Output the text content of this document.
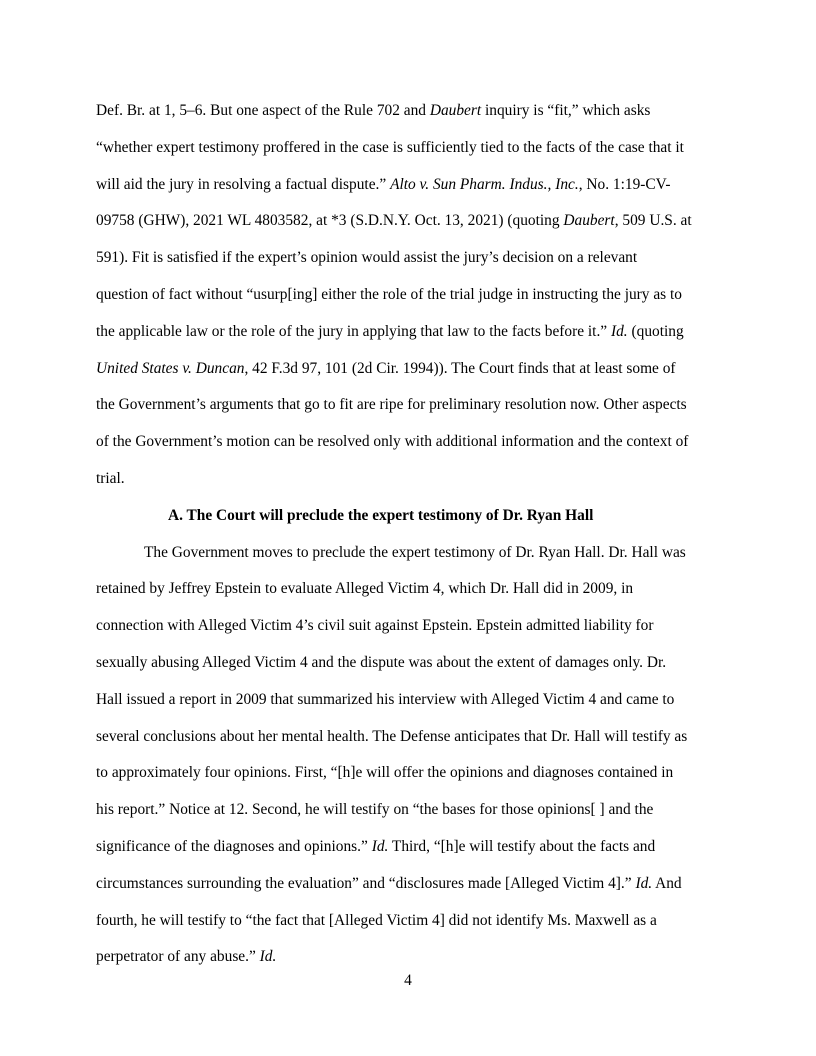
Def. Br. at 1, 5–6. But one aspect of the Rule 702 and Daubert inquiry is “fit,” which asks
“whether expert testimony proffered in the case is sufficiently tied to the facts of the case that it
will aid the jury in resolving a factual dispute.” Alto v. Sun Pharm. Indus., Inc., No. 1:19-CV-
09758 (GHW), 2021 WL 4803582, at *3 (S.D.N.Y. Oct. 13, 2021) (quoting Daubert, 509 U.S. at
591). Fit is satisfied if the expert’s opinion would assist the jury’s decision on a relevant
question of fact without “usurp[ing] either the role of the trial judge in instructing the jury as to
the applicable law or the role of the jury in applying that law to the facts before it.” Id. (quoting
United States v. Duncan, 42 F.3d 97, 101 (2d Cir. 1994)). The Court finds that at least some of
the Government’s arguments that go to fit are ripe for preliminary resolution now. Other aspects
of the Government’s motion can be resolved only with additional information and the context of
trial.
A. The Court will preclude the expert testimony of Dr. Ryan Hall
The Government moves to preclude the expert testimony of Dr. Ryan Hall. Dr. Hall was
retained by Jeffrey Epstein to evaluate Alleged Victim 4, which Dr. Hall did in 2009, in
connection with Alleged Victim 4’s civil suit against Epstein. Epstein admitted liability for
sexually abusing Alleged Victim 4 and the dispute was about the extent of damages only. Dr.
Hall issued a report in 2009 that summarized his interview with Alleged Victim 4 and came to
several conclusions about her mental health. The Defense anticipates that Dr. Hall will testify as
to approximately four opinions. First, “[h]e will offer the opinions and diagnoses contained in
his report.” Notice at 12. Second, he will testify on “the bases for those opinions[ ] and the
significance of the diagnoses and opinions.” Id. Third, “[h]e will testify about the facts and
circumstances surrounding the evaluation” and “disclosures made [Alleged Victim 4].” Id. And
fourth, he will testify to “the fact that [Alleged Victim 4] did not identify Ms. Maxwell as a
perpetrator of any abuse.” Id.
4
